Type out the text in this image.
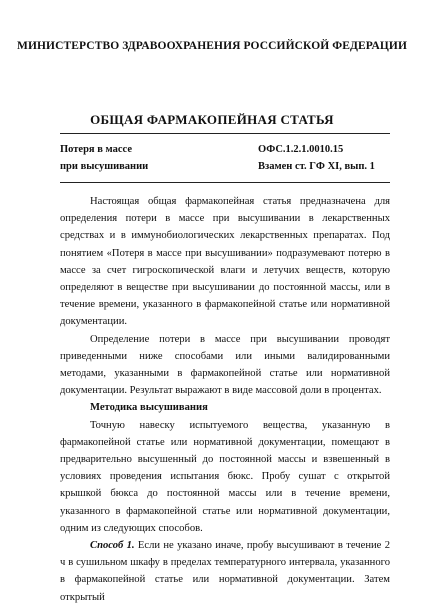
МИНИСТЕРСТВО ЗДРАВООХРАНЕНИЯ РОССИЙСКОЙ ФЕДЕРАЦИИ
ОБЩАЯ ФАРМАКОПЕЙНАЯ СТАТЬЯ
Потеря в массе
при высушивании
ОФС.1.2.1.0010.15
Взамен ст. ГФ XI, вып. 1

Настоящая общая фармакопейная статья предназначена для определения потери в массе при высушивании в лекарственных средствах и в иммунобиологических лекарственных препаратах. Под понятием «Потеря в массе при высушивании» подразумевают потерю в массе за счет гигроскопической влаги и летучих веществ, которую определяют в веществе при высушивании до постоянной массы, или в течение времени, указанного в фармакопейной статье или нормативной документации.

Определение потери в массе при высушивании проводят приведенными ниже способами или иными валидированными методами, указанными в фармакопейной статье или нормативной документации. Результат выражают в виде массовой доли в процентах.

Методика высушивания

Точную навеску испытуемого вещества, указанную в фармакопейной статье или нормативной документации, помещают в предварительно высушенный до постоянной массы и взвешенный в условиях проведения испытания бюкс. Пробу сушат с открытой крышкой бюкса до постоянной массы или в течение времени, указанного в фармакопейной статье или нормативной документации, одним из следующих способов.

Способ 1. Если не указано иначе, пробу высушивают в течение 2 ч в сушильном шкафу в пределах температурного интервала, указанного в фармакопейной статье или нормативной документации. Затем открытый
